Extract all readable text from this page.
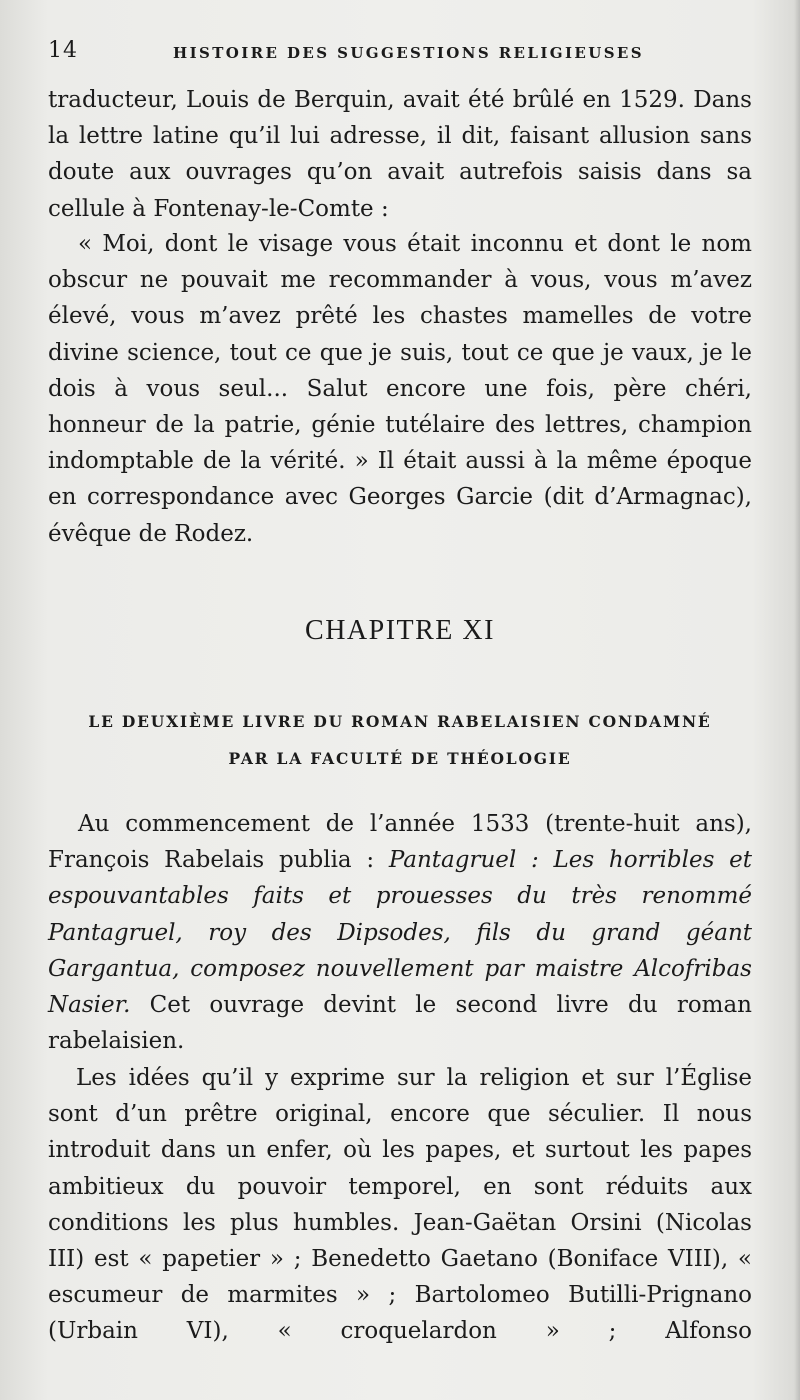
14	HISTOIRE DES SUGGESTIONS RELIGIEUSES

traducteur, Louis de Berquin, avait été brûlé en 1529. Dans la lettre latine qu’il lui adresse, il dit, faisant allusion sans doute aux ouvrages qu’on avait autrefois saisis dans sa cellule à Fontenay-le-Comte :

« Moi, dont le visage vous était inconnu et dont le nom obscur ne pouvait me recommander à vous, vous m’avez élevé, vous m’avez prêté les chastes mamelles de votre divine science, tout ce que je suis, tout ce que je vaux, je le dois à vous seul... Salut encore une fois, père chéri, honneur de la patrie, génie tutélaire des lettres, champion indomptable de la vérité. » Il était aussi à la même époque en correspondance avec Georges Garcie (dit d’Armagnac), évêque de Rodez.

CHAPITRE XI
LE DEUXIÈME LIVRE DU ROMAN RABELAISIEN CONDAMNÉ
PAR LA FACULTÉ DE THÉOLOGIE

Au commencement de l’année 1533 (trente-huit ans), François Rabelais publia : Pantagruel : Les horribles et espouvantables faits et prouesses du très renommé Pantagruel, roy des Dipsodes, fils du grand géant Gargantua, composez nouvellement par maistre Alcofribas Nasier. Cet ouvrage devint le second livre du roman rabelaisien.

Les idées qu’il y exprime sur la religion et sur l’Église sont d’un prêtre original, encore que séculier. Il nous introduit dans un enfer, où les papes, et surtout les papes ambitieux du pouvoir temporel, en sont réduits aux conditions les plus humbles. Jean-Gaëtan Orsini (Nicolas III) est « papetier » ; Benedetto Gaetano (Boniface VIII), « escumeur de marmites » ; Bartolomeo Butilli-Prignano (Urbain VI), « croquelardon » ; Alfonso
